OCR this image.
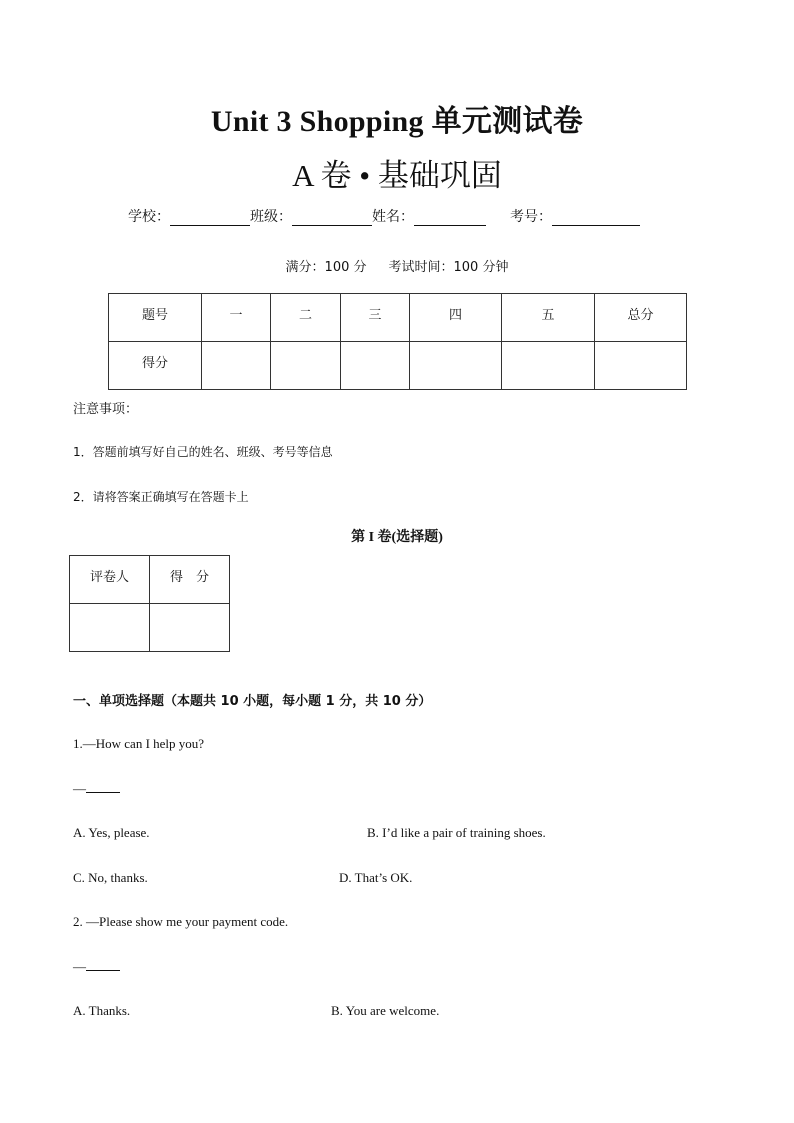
Unit 3 Shopping 单元测试卷
A 卷 • 基础巩固
学校：	班级：	姓名：	考号：
满分：100 分 考试时间：100 分钟
题号	一	二	三	四	五	总分
得分						
注意事项：
1．答题前填写好自己的姓名、班级、考号等信息
2．请将答案正确填写在答题卡上
第 I 卷(选择题)
评卷人	得　分

一、单项选择题（本题共 10 小题，每小题 1 分，共 10 分）
1.—How can I help you?
—
A. Yes, please.	B. I’d like a pair of training shoes.
C. No, thanks.	D. That’s OK.
2. —Please show me your payment code.
—
A. Thanks.	B. You are welcome.
